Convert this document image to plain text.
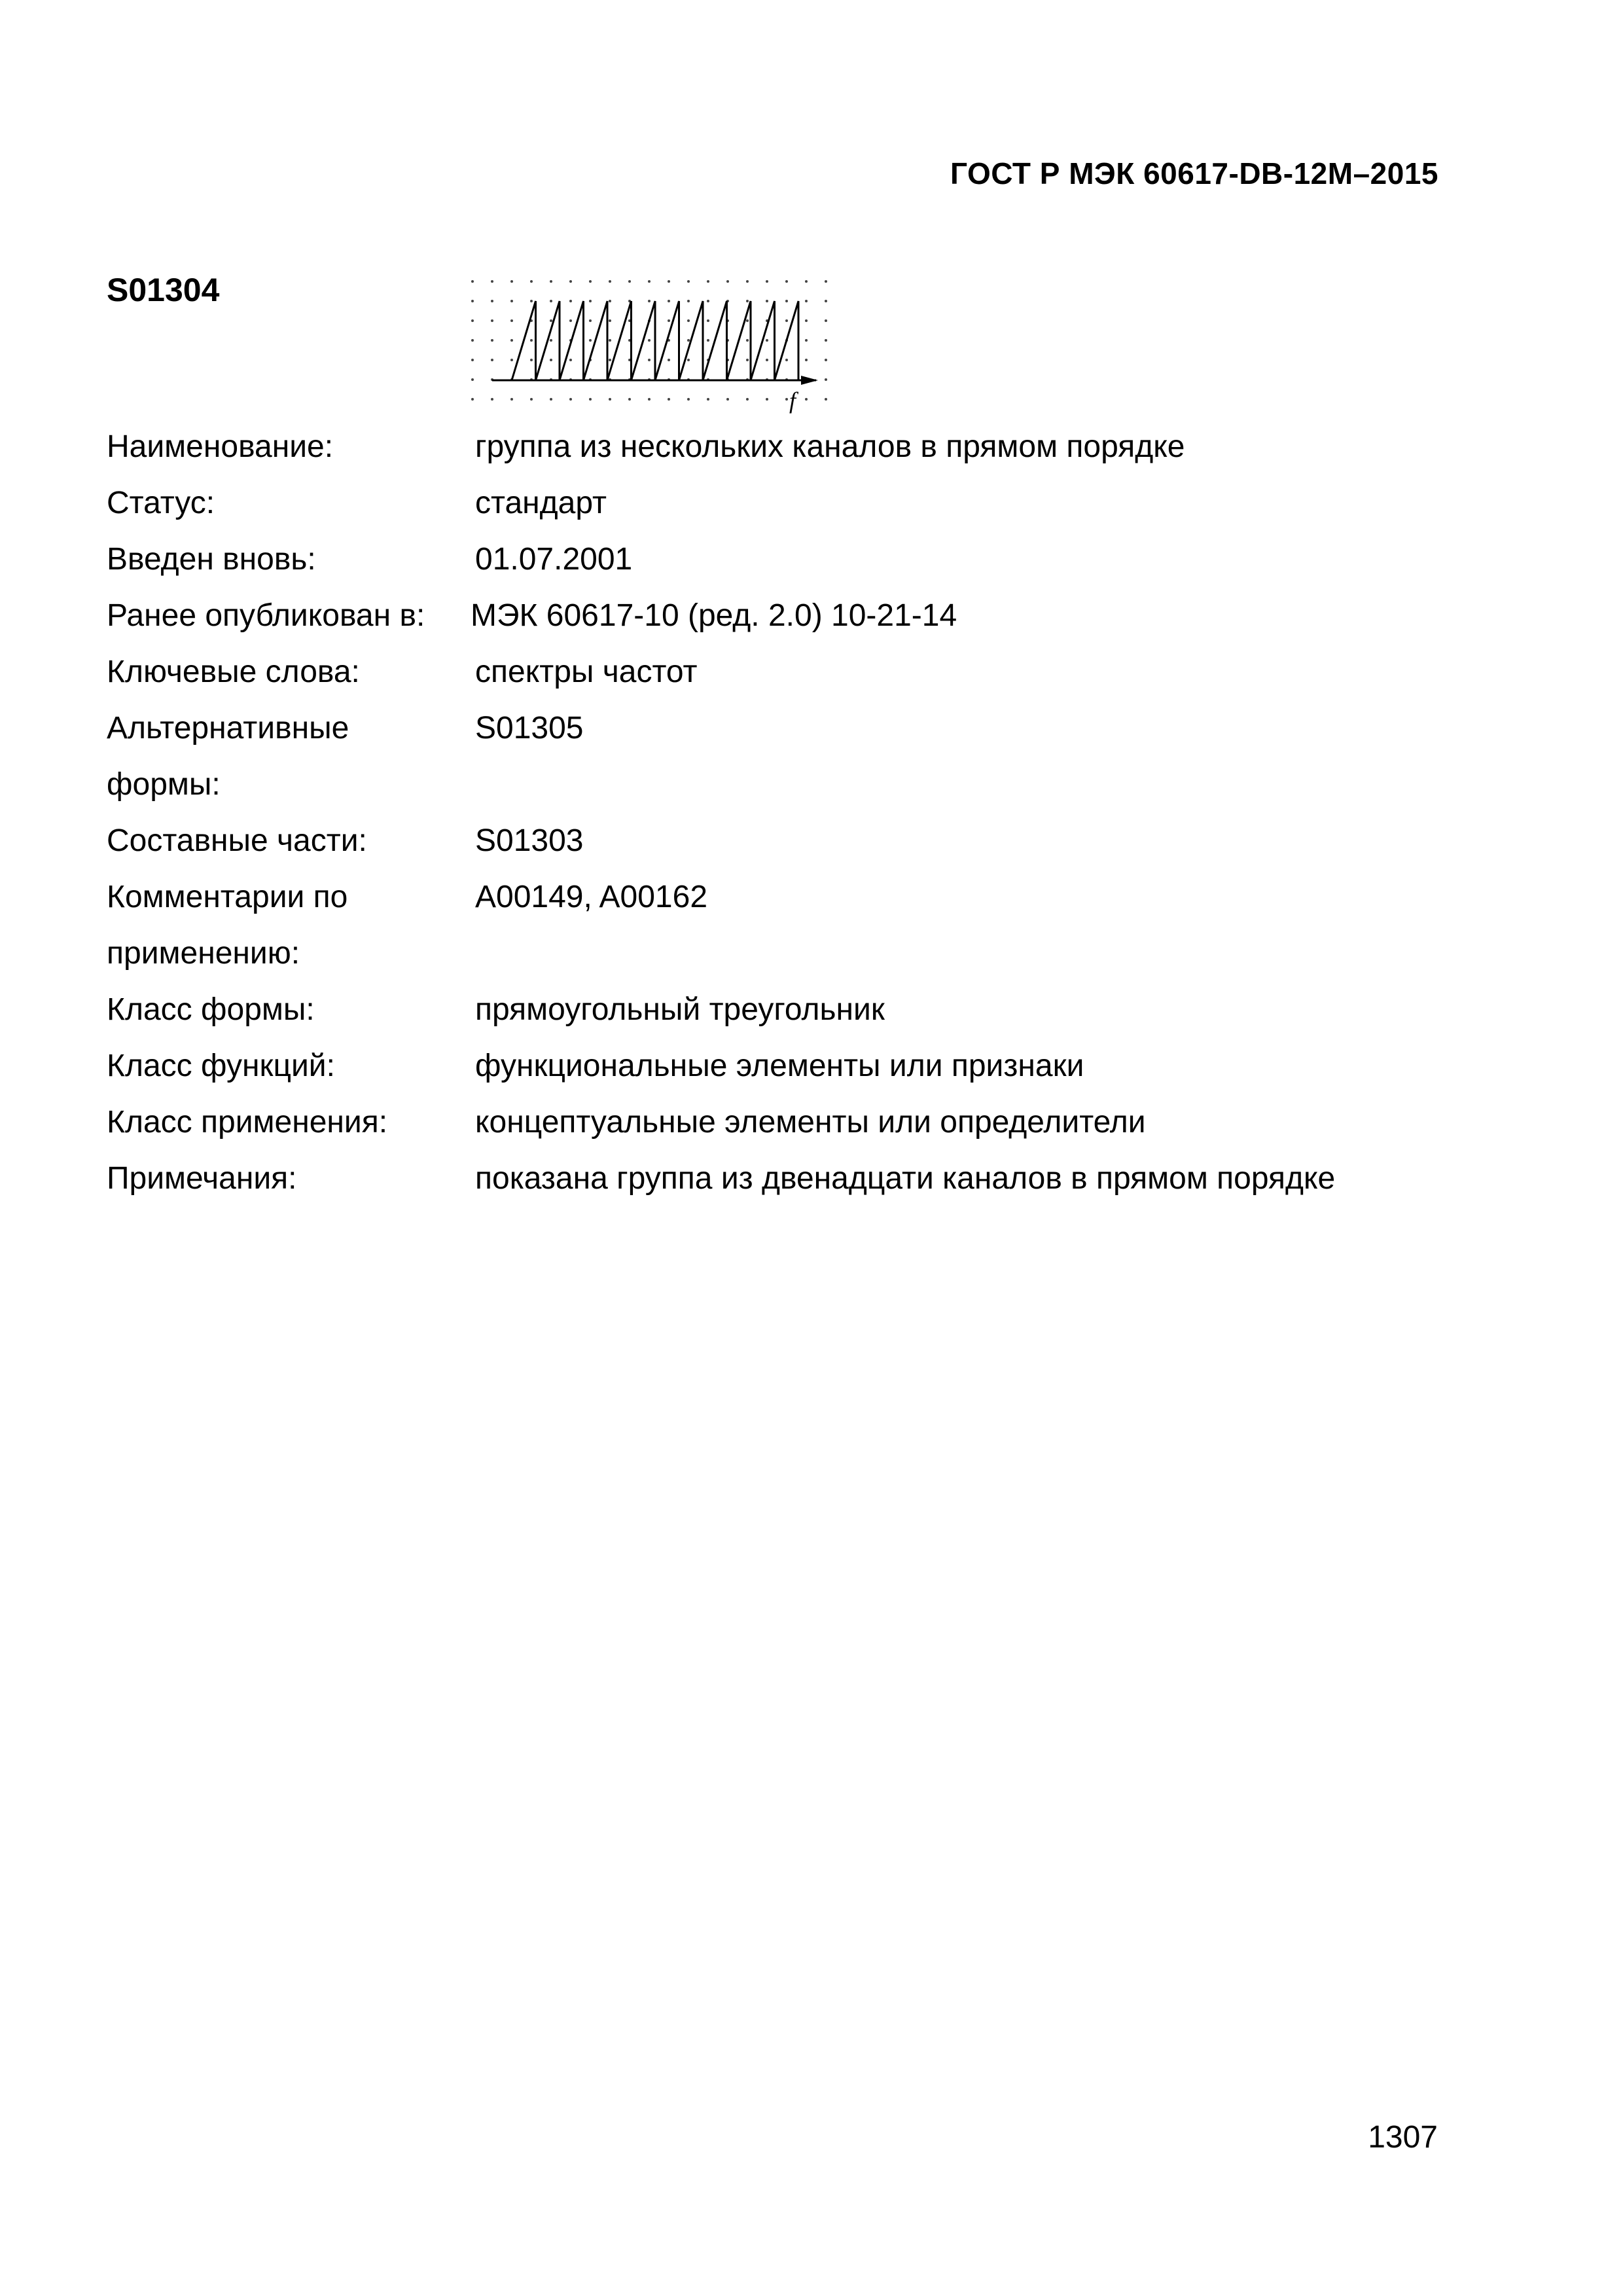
ГОСТ Р МЭК 60617-DB-12M–2015
S01304
f
Наименование:	группа из нескольких каналов в прямом порядке
Статус:	стандарт
Введен вновь:	01.07.2001
Ранее опубликован в:	МЭК 60617-10 (ред. 2.0) 10-21-14
Ключевые слова:	спектры частот
Альтернативные формы:
S01305
Составные части:	S01303
Комментарии по применению:
A00149, A00162
Класс формы:	прямоугольный треугольник
Класс функций:	функциональные элементы или признаки
Класс применения:	концептуальные элементы или определители
Примечания:	показана группа из двенадцати каналов в прямом порядке
1307
